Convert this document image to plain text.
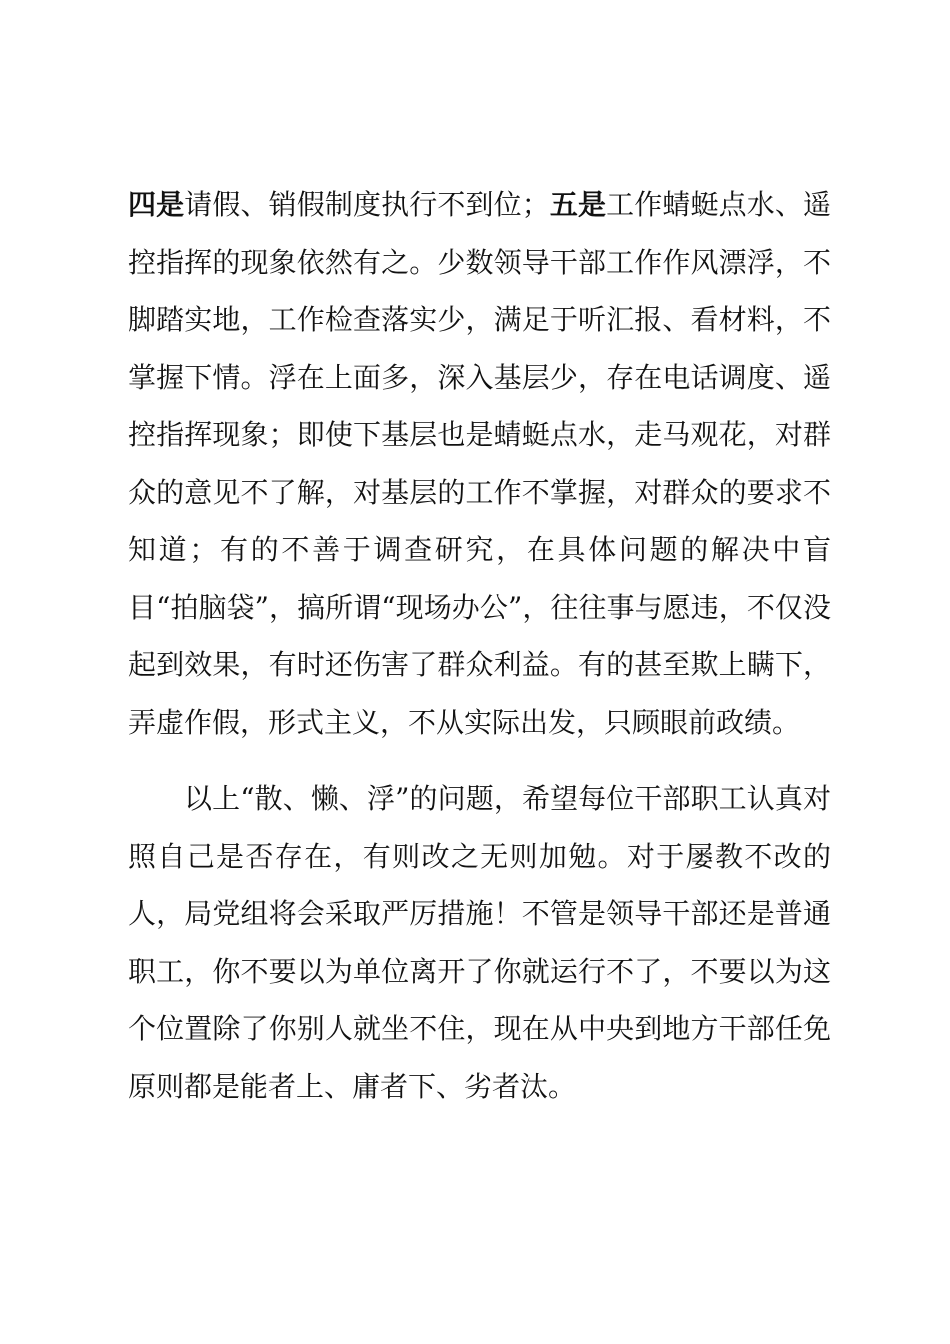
四是请假、销假制度执行不到位；五是工作蜻蜓点水、遥控指挥的现象依然有之。少数领导干部工作作风漂浮，不脚踏实地，工作检查落实少，满足于听汇报、看材料，不掌握下情。浮在上面多，深入基层少，存在电话调度、遥控指挥现象；即使下基层也是蜻蜓点水，走马观花，对群众的意见不了解，对基层的工作不掌握，对群众的要求不知道；有的不善于调查研究，在具体问题的解决中盲目“拍脑袋”，搞所谓“现场办公”，往往事与愿违，不仅没起到效果，有时还伤害了群众利益。有的甚至欺上瞒下，弄虚作假，形式主义，不从实际出发，只顾眼前政绩。

以上“散、懒、浮”的问题，希望每位干部职工认真对照自己是否存在，有则改之无则加勉。对于屡教不改的人，局党组将会采取严厉措施！不管是领导干部还是普通职工，你不要以为单位离开了你就运行不了，不要以为这个位置除了你别人就坐不住，现在从中央到地方干部任免原则都是能者上、庸者下、劣者汰。
